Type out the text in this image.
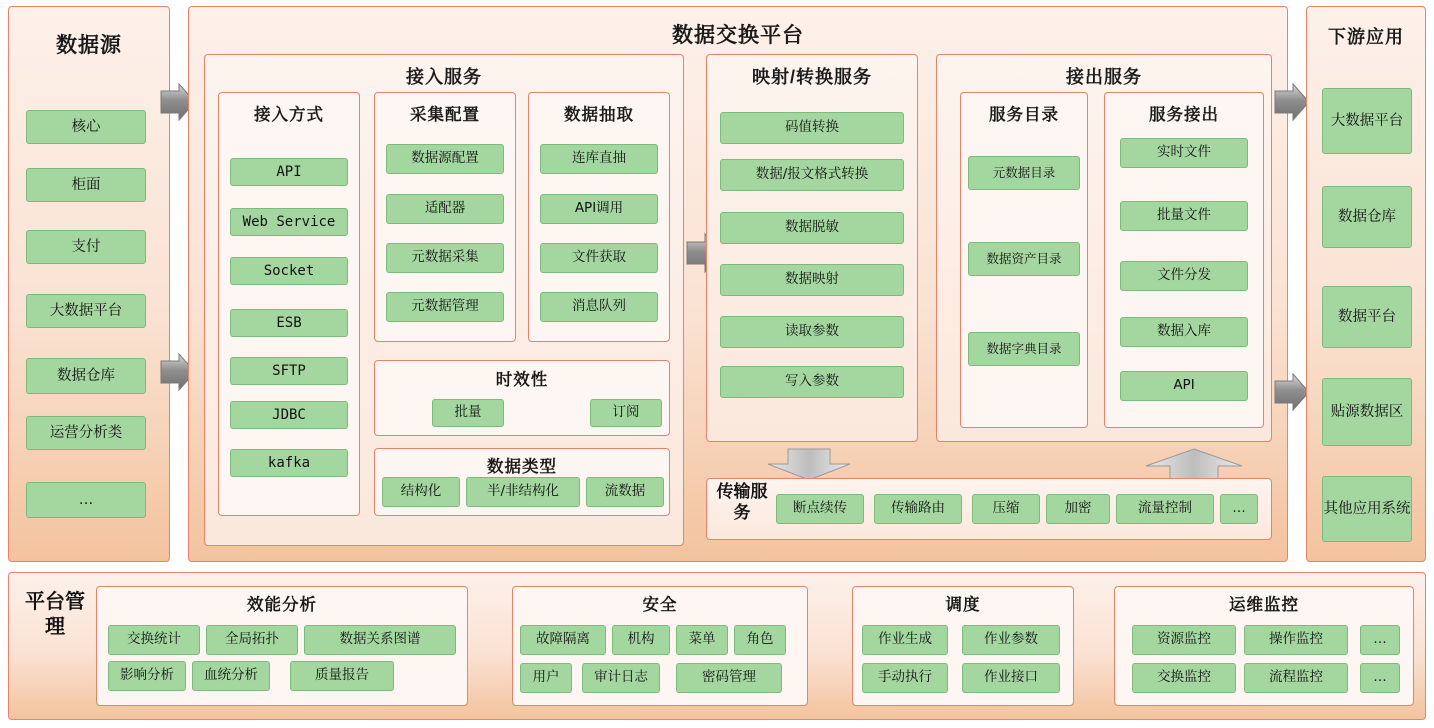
数据源
核心
柜面
支付
大数据平台
数据仓库
运营分析类
…
数据交换平台
接入服务
接入方式
API
Web Service
Socket
ESB
SFTP
JDBC
kafka
采集配置
数据源配置
适配器
元数据采集
元数据管理
数据抽取
连库直抽
API调用
文件获取
消息队列
时效性
批量	订阅
数据类型
结构化	半/非结构化	流数据
映射/转换服务
码值转换
数据/报文格式转换
数据脱敏
数据映射
读取参数
写入参数
接出服务
服务目录
元数据目录
数据资产目录
数据字典目录
服务接出
实时文件
批量文件
文件分发
数据入库
API
传输服务	断点续传	传输路由	压缩	加密	流量控制	…
下游应用
大数据平台
数据仓库
数据平台
贴源数据区
其他应用系统
平台管理
效能分析
交换统计	全局拓扑	数据关系图谱
影响分析	血统分析	质量报告
安全
故障隔离	机构	菜单	角色
用户	审计日志	密码管理
调度
作业生成	作业参数
手动执行	作业接口
运维监控
资源监控	操作监控	…
交换监控	流程监控	…
